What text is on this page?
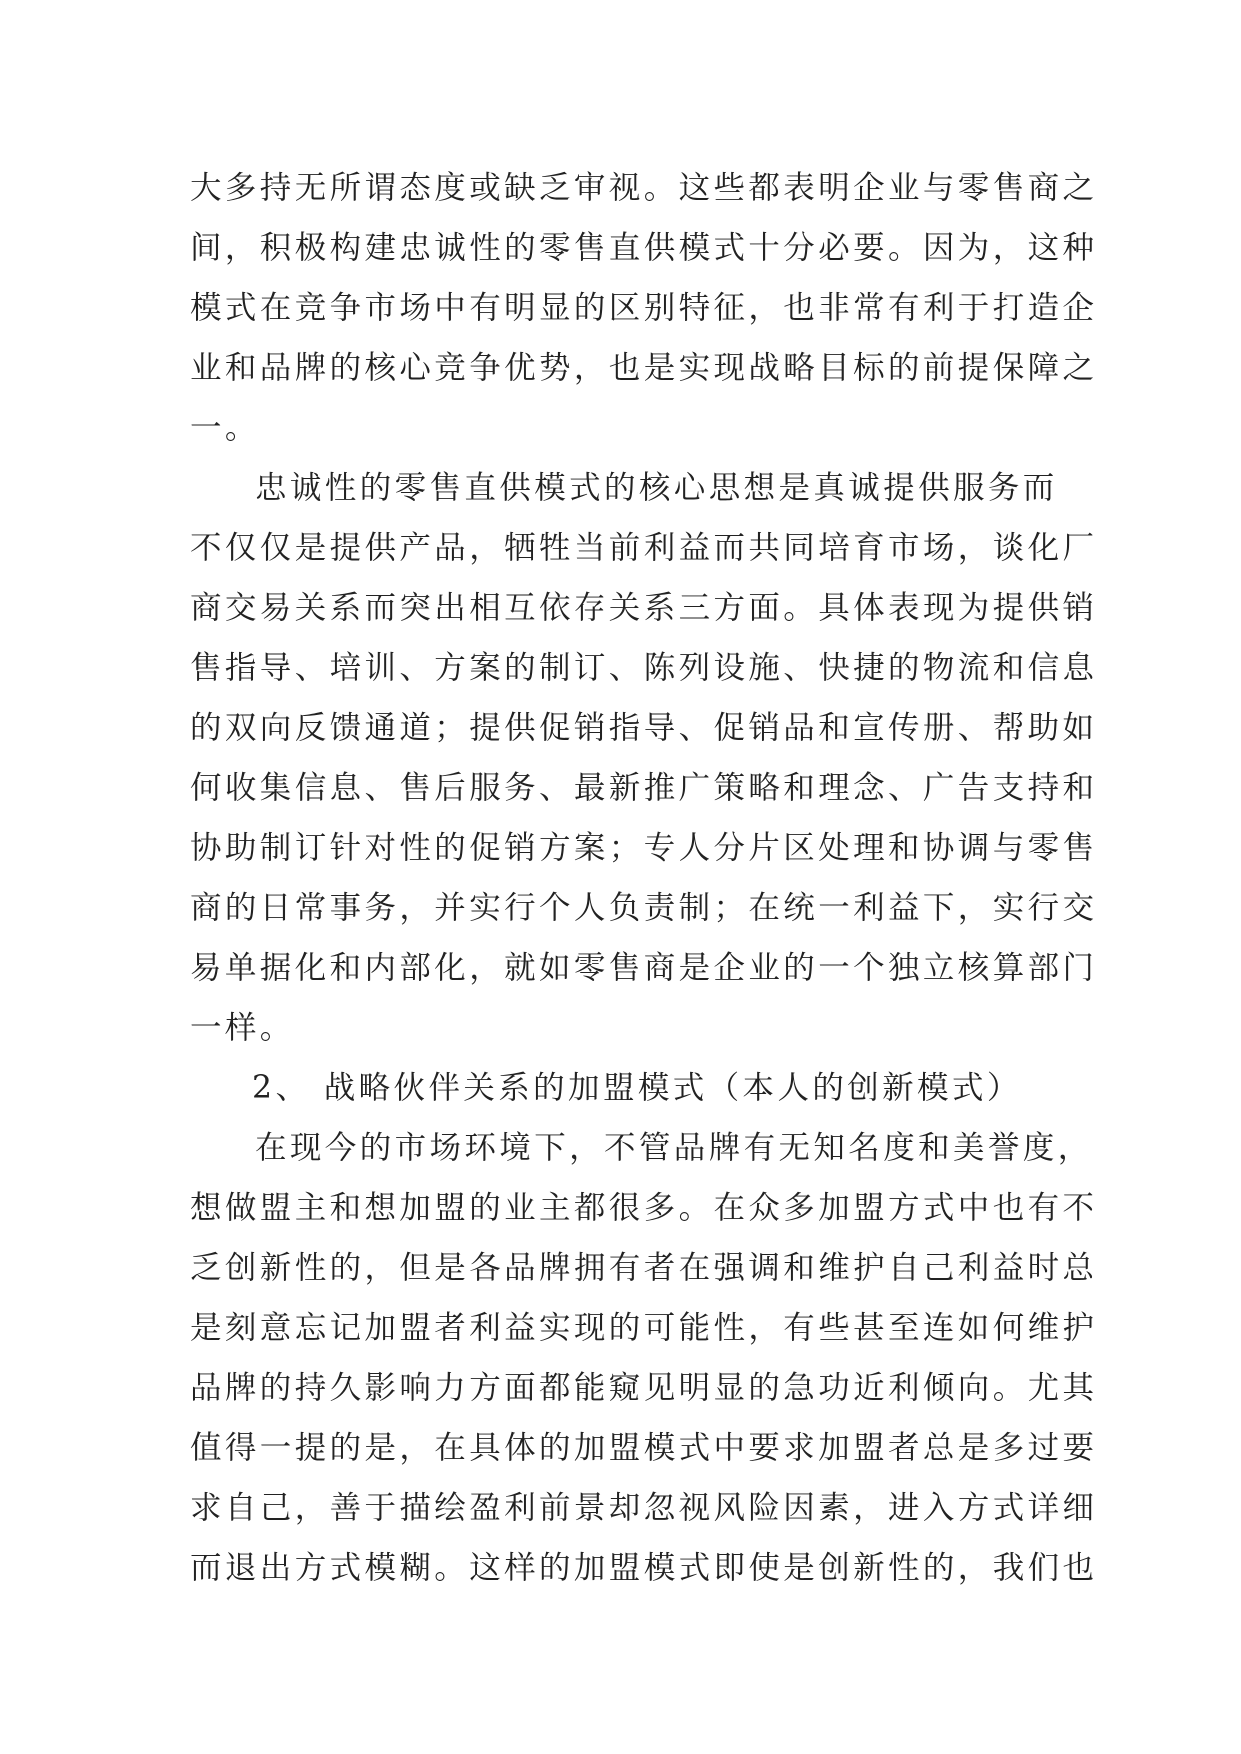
大多持无所谓态度或缺乏审视。这些都表明企业与零售商之
间，积极构建忠诚性的零售直供模式十分必要。因为，这种
模式在竞争市场中有明显的区别特征，也非常有利于打造企
业和品牌的核心竞争优势，也是实现战略目标的前提保障之
一。
忠诚性的零售直供模式的核心思想是真诚提供服务而
不仅仅是提供产品，牺牲当前利益而共同培育市场，谈化厂
商交易关系而突出相互依存关系三方面。具体表现为提供销
售指导、培训、方案的制订、陈列设施、快捷的物流和信息
的双向反馈通道；提供促销指导、促销品和宣传册、帮助如
何收集信息、售后服务、最新推广策略和理念、广告支持和
协助制订针对性的促销方案；专人分片区处理和协调与零售
商的日常事务，并实行个人负责制；在统一利益下，实行交
易单据化和内部化，就如零售商是企业的一个独立核算部门
一样。
2、 战略伙伴关系的加盟模式（本人的创新模式）
在现今的市场环境下，不管品牌有无知名度和美誉度，
想做盟主和想加盟的业主都很多。在众多加盟方式中也有不
乏创新性的，但是各品牌拥有者在强调和维护自己利益时总
是刻意忘记加盟者利益实现的可能性，有些甚至连如何维护
品牌的持久影响力方面都能窥见明显的急功近利倾向。尤其
值得一提的是，在具体的加盟模式中要求加盟者总是多过要
求自己，善于描绘盈利前景却忽视风险因素，进入方式详细
而退出方式模糊。这样的加盟模式即使是创新性的，我们也
